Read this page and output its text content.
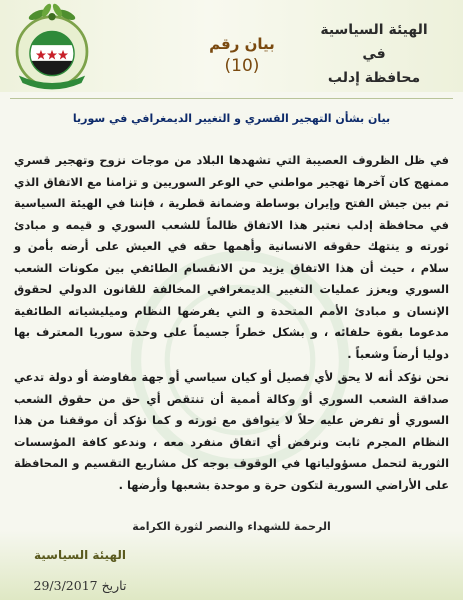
بيان رقم
(10)
الهيئة السياسية
في
محافظة إدلب
بيان بشأن التهجير القسري و التغيير الديمغرافي في سوريا

في ظل الظروف العصيبة التي تشهدها البلاد من موجات نزوح وتهجير قسري ممنهج كان آخرها تهجير مواطني حي الوعر السوريين و تزامنا مع الاتفاق الذي تم بين جيش الفتح وإيران بوساطة وضمانة قطرية ، فإننا في الهيئة السياسية في محافظة إدلب نعتبر هذا الاتفاق ظالماً للشعب السوري و قيمه و مبادئ ثورته و ينتهك حقوقه الانسانية وأهمها حقه في العيش على أرضه بأمن و سلام ، حيث أن هذا الاتفاق يزيد من الانقسام الطائفي بين مكونات الشعب السوري ويعزز عمليات التغيير الديمغرافي المخالفة للقانون الدولي لحقوق الإنسان و مبادئ الأمم المتحدة و التي يفرضها النظام وميليشياته الطائفية مدعوما بقوة حلفائه ، و بشكل خطراً جسيماً على وحدة سوريا المعترف بها دوليا أرضاً وشعباً .

نحن نؤكد أنه لا يحق لأي فصيل أو كيان سياسي أو جهة مفاوضة أو دولة تدعي صداقة الشعب السوري أو وكالة أممية أن تنتقص أي حق من حقوق الشعب السوري أو تفرض عليه حلاً لا يتوافق مع ثورته و كما نؤكد أن موقفنا من هذا النظام المجرم ثابت ونرفض أي اتفاق منفرد معه ، وندعو كافة المؤسسات الثورية لتحمل مسؤولياتها في الوقوف بوجه كل مشاريع التقسيم و المحافظة على الأراضي السورية لتكون حرة و موحدة بشعبها وأرضها .

الرحمة للشهداء والنصر لثورة الكرامة
الهيئة السياسية
تاريخ 29/3/2017
